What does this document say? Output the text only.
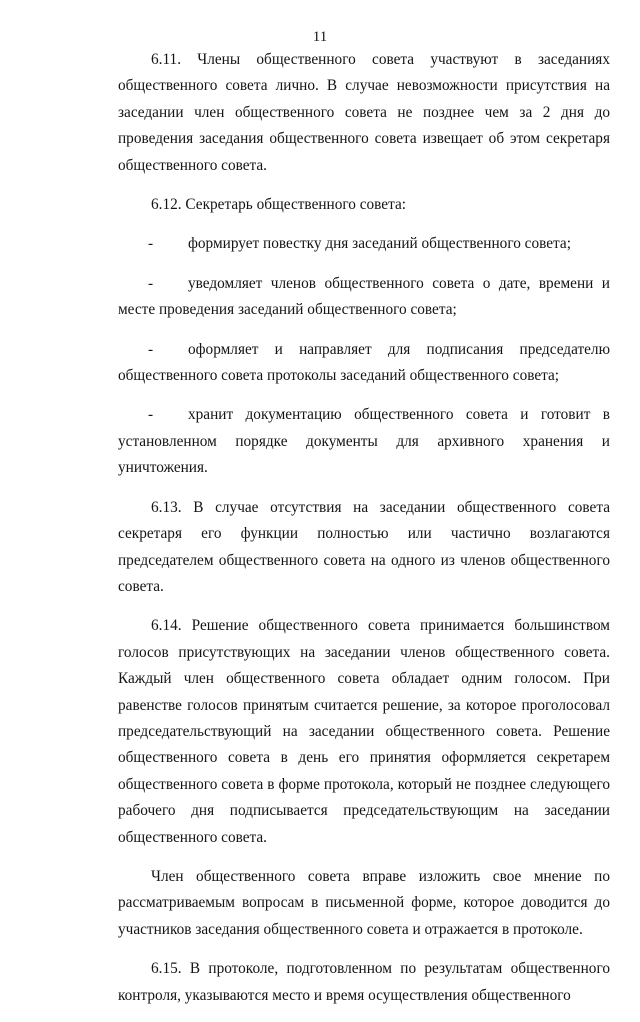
11

6.11. Члены общественного совета участвуют в заседаниях общественного совета лично. В случае невозможности присутствия на заседании член общественного совета не позднее чем за 2 дня до проведения заседания общественного совета извещает об этом секретаря общественного совета.

6.12. Секретарь общественного совета:

- формирует повестку дня заседаний общественного совета;

- уведомляет членов общественного совета о дате, времени и месте проведения заседаний общественного совета;

- оформляет и направляет для подписания председателю общественного совета протоколы заседаний общественного совета;

- хранит документацию общественного совета и готовит в установленном порядке документы для архивного хранения и уничтожения.

6.13. В случае отсутствия на заседании общественного совета секретаря его функции полностью или частично возлагаются председателем общественного совета на одного из членов общественного совета.

6.14. Решение общественного совета принимается большинством голосов присутствующих на заседании членов общественного совета. Каждый член общественного совета обладает одним голосом. При равенстве голосов принятым считается решение, за которое проголосовал председательствующий на заседании общественного совета. Решение общественного совета в день его принятия оформляется секретарем общественного совета в форме протокола, который не позднее следующего рабочего дня подписывается председательствующим на заседании общественного совета.

Член общественного совета вправе изложить свое мнение по рассматриваемым вопросам в письменной форме, которое доводится до участников заседания общественного совета и отражается в протоколе.

6.15. В протоколе, подготовленном по результатам общественного контроля, указываются место и время осуществления общественного
